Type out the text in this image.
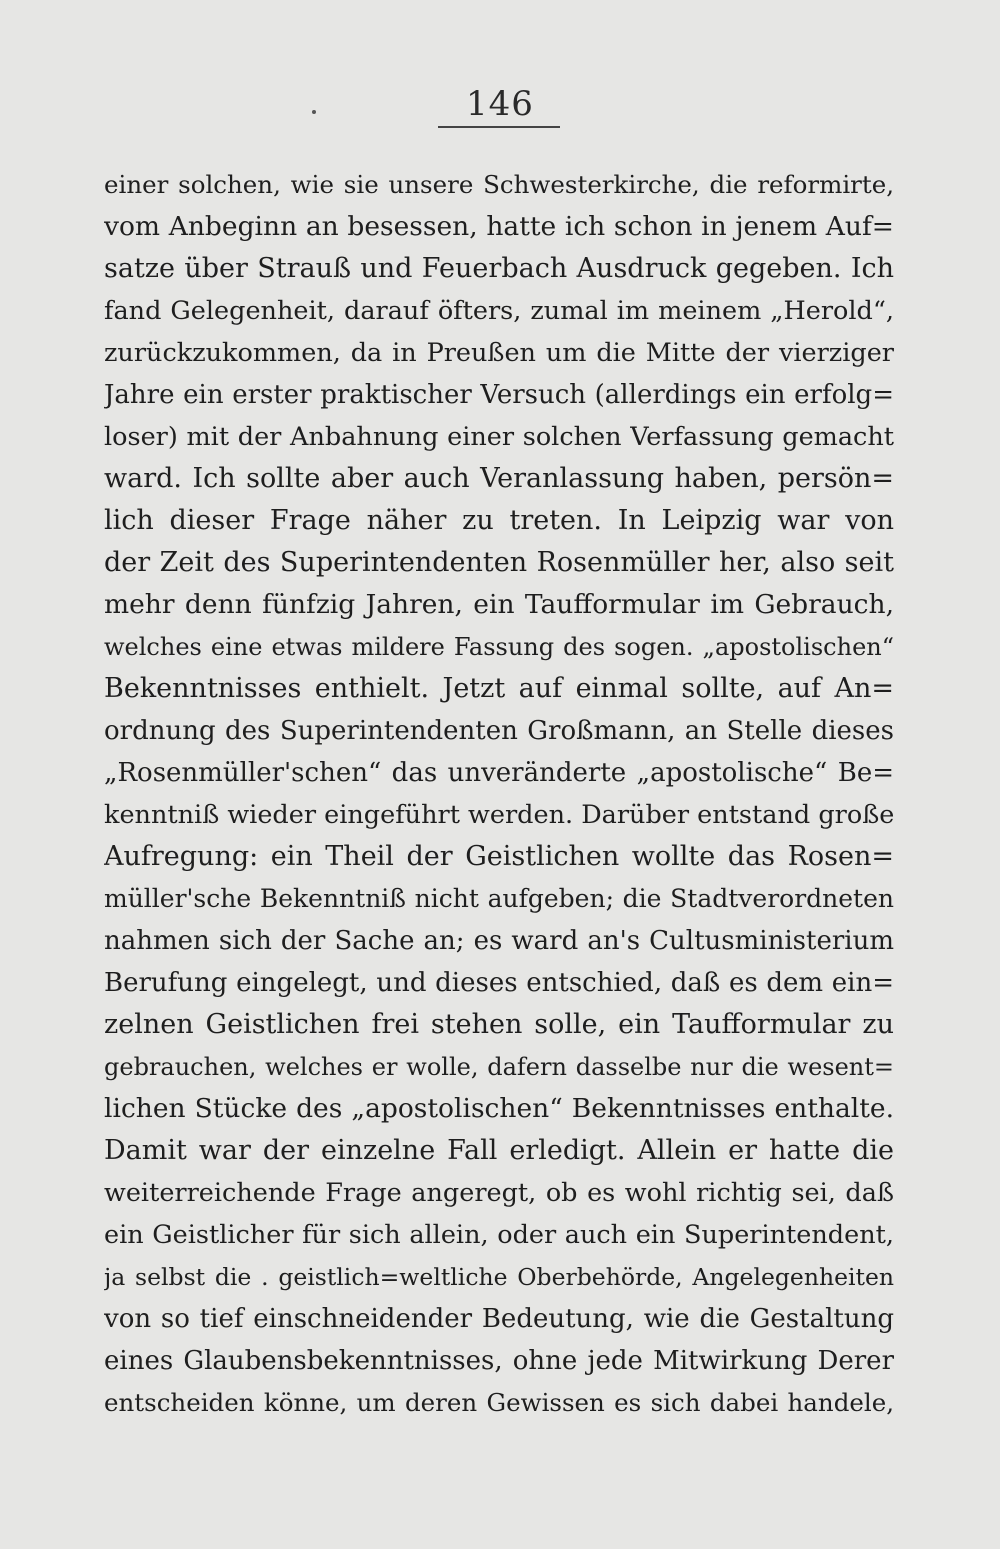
146
einer solchen, wie sie unsere Schwesterkirche, die reformirte,
vom Anbeginn an besessen, hatte ich schon in jenem Auf=
satze über Strauß und Feuerbach Ausdruck gegeben. Ich
fand Gelegenheit, darauf öfters, zumal im meinem „Herold“,
zurückzukommen, da in Preußen um die Mitte der vierziger
Jahre ein erster praktischer Versuch (allerdings ein erfolg=
loser) mit der Anbahnung einer solchen Verfassung gemacht
ward. Ich sollte aber auch Veranlassung haben, persön=
lich dieser Frage näher zu treten. In Leipzig war von
der Zeit des Superintendenten Rosenmüller her, also seit
mehr denn fünfzig Jahren, ein Taufformular im Gebrauch,
welches eine etwas mildere Fassung des sogen. „apostolischen“
Bekenntnisses enthielt. Jetzt auf einmal sollte, auf An=
ordnung des Superintendenten Großmann, an Stelle dieses
„Rosenmüller'schen“ das unveränderte „apostolische“ Be=
kenntniß wieder eingeführt werden. Darüber entstand große
Aufregung: ein Theil der Geistlichen wollte das Rosen=
müller'sche Bekenntniß nicht aufgeben; die Stadtverordneten
nahmen sich der Sache an; es ward an's Cultusministerium
Berufung eingelegt, und dieses entschied, daß es dem ein=
zelnen Geistlichen frei stehen solle, ein Taufformular zu
gebrauchen, welches er wolle, dafern dasselbe nur die wesent=
lichen Stücke des „apostolischen“ Bekenntnisses enthalte.
Damit war der einzelne Fall erledigt. Allein er hatte die
weiterreichende Frage angeregt, ob es wohl richtig sei, daß
ein Geistlicher für sich allein, oder auch ein Superintendent,
ja selbst die . geistlich=weltliche Oberbehörde, Angelegenheiten
von so tief einschneidender Bedeutung, wie die Gestaltung
eines Glaubensbekenntnisses, ohne jede Mitwirkung Derer
entscheiden könne, um deren Gewissen es sich dabei handele,
